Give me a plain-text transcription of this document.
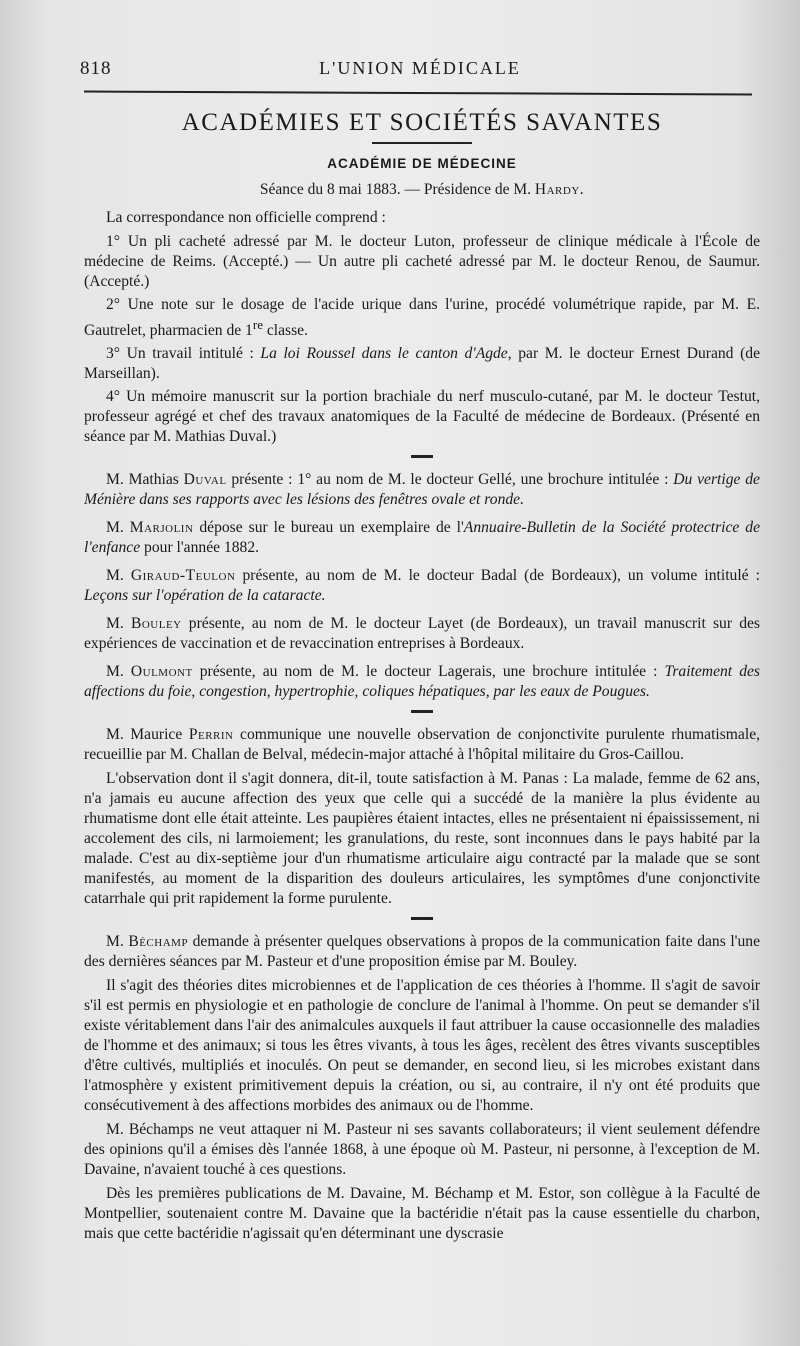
818	L'UNION MÉDICALE
ACADÉMIES ET SOCIÉTÉS SAVANTES
ACADÉMIE DE MÉDECINE
Séance du 8 mai 1883. — Présidence de M. Hardy.

La correspondance non officielle comprend :

1° Un pli cacheté adressé par M. le docteur Luton, professeur de clinique médicale à l'École de médecine de Reims. (Accepté.) — Un autre pli cacheté adressé par M. le docteur Renou, de Saumur. (Accepté.)

2° Une note sur le dosage de l'acide urique dans l'urine, procédé volumétrique rapide, par M. E. Gautrelet, pharmacien de 1re classe.

3° Un travail intitulé : La loi Roussel dans le canton d'Agde, par M. le docteur Ernest Durand (de Marseillan).

4° Un mémoire manuscrit sur la portion brachiale du nerf musculo-cutané, par M. le docteur Testut, professeur agrégé et chef des travaux anatomiques de la Faculté de médecine de Bordeaux. (Présenté en séance par M. Mathias Duval.)

M. Mathias Duval présente : 1° au nom de M. le docteur Gellé, une brochure intitulée : Du vertige de Ménière dans ses rapports avec les lésions des fenêtres ovale et ronde.

M. Marjolin dépose sur le bureau un exemplaire de l'Annuaire-Bulletin de la Société protectrice de l'enfance pour l'année 1882.

M. Giraud-Teulon présente, au nom de M. le docteur Badal (de Bordeaux), un volume intitulé : Leçons sur l'opération de la cataracte.

M. Bouley présente, au nom de M. le docteur Layet (de Bordeaux), un travail manuscrit sur des expériences de vaccination et de revaccination entreprises à Bordeaux.

M. Oulmont présente, au nom de M. le docteur Lagerais, une brochure intitulée : Traitement des affections du foie, congestion, hypertrophie, coliques hépatiques, par les eaux de Pougues.

M. Maurice Perrin communique une nouvelle observation de conjonctivite purulente rhumatismale, recueillie par M. Challan de Belval, médecin-major attaché à l'hôpital militaire du Gros-Caillou.

L'observation dont il s'agit donnera, dit-il, toute satisfaction à M. Panas : La malade, femme de 62 ans, n'a jamais eu aucune affection des yeux que celle qui a succédé de la manière la plus évidente au rhumatisme dont elle était atteinte. Les paupières étaient intactes, elles ne présentaient ni épaississement, ni accolement des cils, ni larmoiement; les granulations, du reste, sont inconnues dans le pays habité par la malade. C'est au dix-septième jour d'un rhumatisme articulaire aigu contracté par la malade que se sont manifestés, au moment de la disparition des douleurs articulaires, les symptômes d'une conjonctivite catarrhale qui prit rapidement la forme purulente.

M. Béchamp demande à présenter quelques observations à propos de la communication faite dans l'une des dernières séances par M. Pasteur et d'une proposition émise par M. Bouley.

Il s'agit des théories dites microbiennes et de l'application de ces théories à l'homme. Il s'agit de savoir s'il est permis en physiologie et en pathologie de conclure de l'animal à l'homme. On peut se demander s'il existe véritablement dans l'air des animalcules auxquels il faut attribuer la cause occasionnelle des maladies de l'homme et des animaux; si tous les êtres vivants, à tous les âges, recèlent des êtres vivants susceptibles d'être cultivés, multipliés et inoculés. On peut se demander, en second lieu, si les microbes existant dans l'atmosphère y existent primitivement depuis la création, ou si, au contraire, il n'y ont été produits que consécutivement à des affections morbides des animaux ou de l'homme.

M. Béchamps ne veut attaquer ni M. Pasteur ni ses savants collaborateurs; il vient seulement défendre des opinions qu'il a émises dès l'année 1868, à une époque où M. Pasteur, ni personne, à l'exception de M. Davaine, n'avaient touché à ces questions.

Dès les premières publications de M. Davaine, M. Béchamp et M. Estor, son collègue à la Faculté de Montpellier, soutenaient contre M. Davaine que la bactéridie n'était pas la cause essentielle du charbon, mais que cette bactéridie n'agissait qu'en déterminant une dyscrasie
